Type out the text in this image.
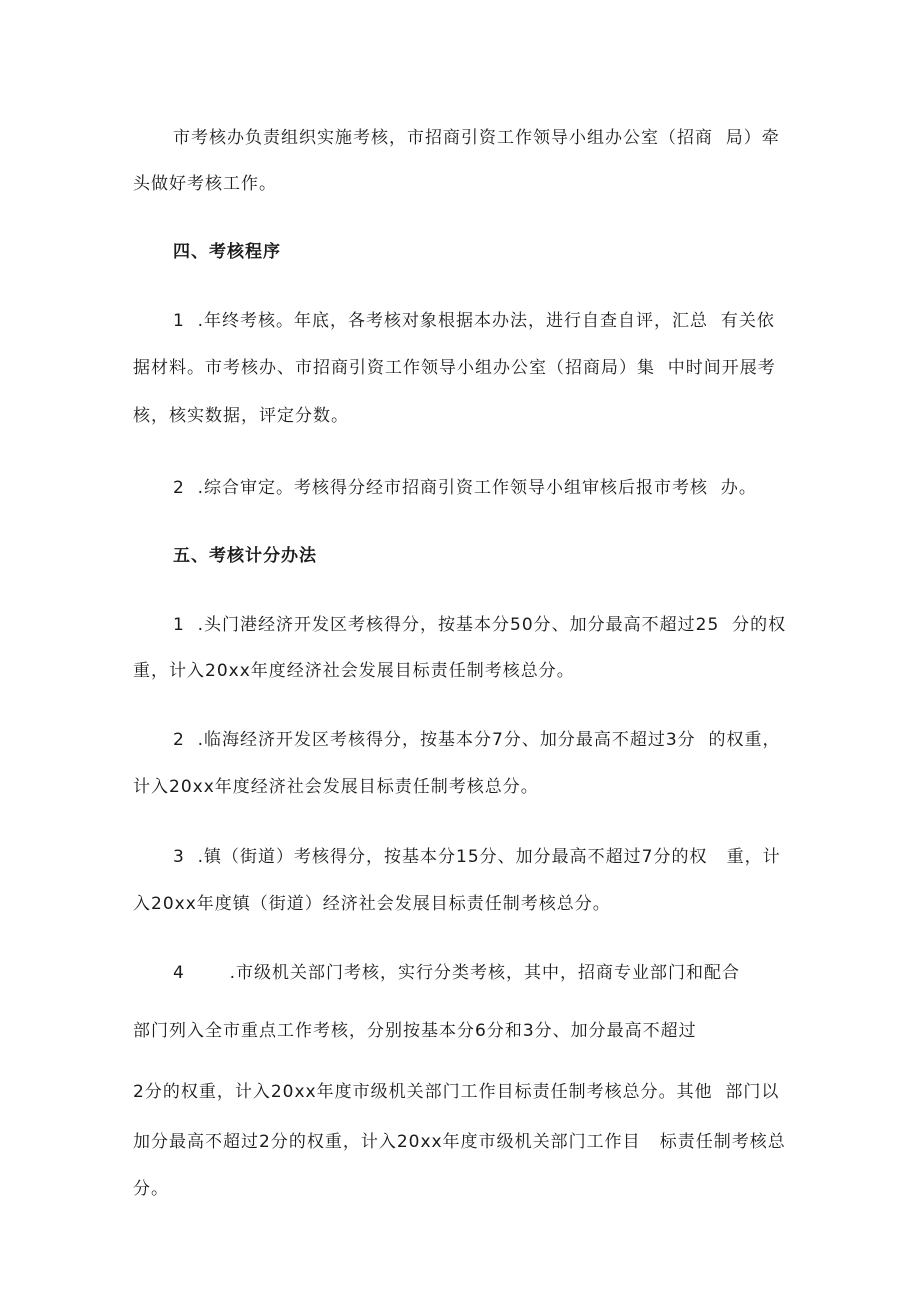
市考核办负责组织实施考核，市招商引资工作领导小组办公室（招商  局）牵

头做好考核工作。

四、考核程序

1  .年终考核。年底，各考核对象根据本办法，进行自查自评，汇总  有关依

据材料。市考核办、市招商引资工作领导小组办公室（招商局）集  中时间开展考

核，核实数据，评定分数。

2  .综合审定。考核得分经市招商引资工作领导小组审核后报市考核  办。

五、考核计分办法

1  .头门港经济开发区考核得分，按基本分50分、加分最高不超过25  分的权

重，计入20xx年度经济社会发展目标责任制考核总分。

2  .临海经济开发区考核得分，按基本分7分、加分最高不超过3分  的权重，

计入20xx年度经济社会发展目标责任制考核总分。

3  .镇（街道）考核得分，按基本分15分、加分最高不超过7分的权   重，计

入20xx年度镇（街道）经济社会发展目标责任制考核总分。

4       .市级机关部门考核，实行分类考核，其中，招商专业部门和配合

部门列入全市重点工作考核，分别按基本分6分和3分、加分最高不超过

2分的权重，计入20xx年度市级机关部门工作目标责任制考核总分。其他  部门以

加分最高不超过2分的权重，计入20xx年度市级机关部门工作目   标责任制考核总

分。
